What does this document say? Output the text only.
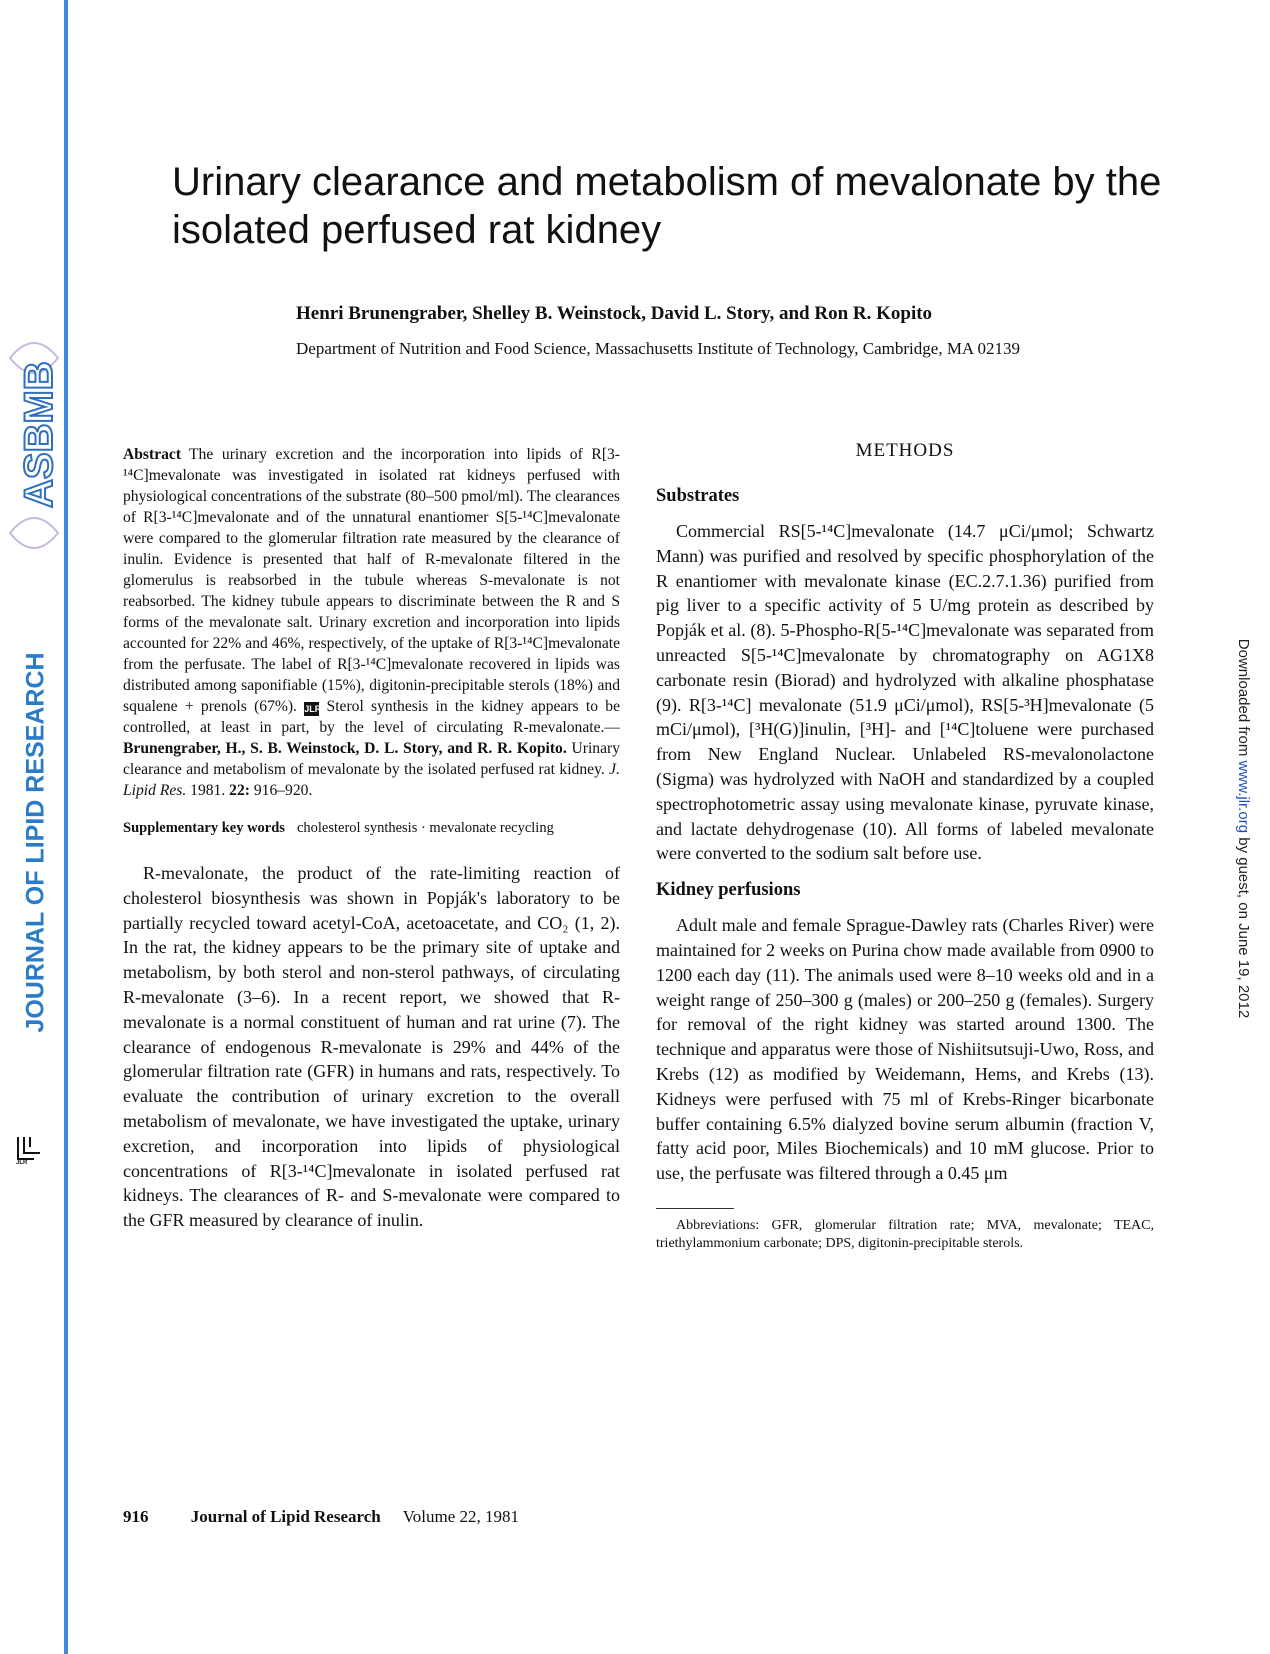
ASBMB
JOURNAL OF LIPID RESEARCH
JLR
Downloaded from www.jlr.org by guest, on June 19, 2012
Urinary clearance and metabolism of mevalonate by the isolated perfused rat kidney
Henri Brunengraber, Shelley B. Weinstock, David L. Story, and Ron R. Kopito
Department of Nutrition and Food Science, Massachusetts Institute of Technology, Cambridge, MA 02139

Abstract The urinary excretion and the incorporation into lipids of R[3-¹⁴C]mevalonate was investigated in isolated rat kidneys perfused with physiological concentrations of the substrate (80–500 pmol/ml). The clearances of R[3-¹⁴C]mevalonate and of the unnatural enantiomer S[5-¹⁴C]mevalonate were compared to the glomerular filtration rate measured by the clearance of inulin. Evidence is presented that half of R-mevalonate filtered in the glomerulus is reabsorbed in the tubule whereas S-mevalonate is not reabsorbed. The kidney tubule appears to discriminate between the R and S forms of the mevalonate salt. Urinary excretion and incorporation into lipids accounted for 22% and 46%, respectively, of the uptake of R[3-¹⁴C]mevalonate from the perfusate. The label of R[3-¹⁴C]mevalonate recovered in lipids was distributed among saponifiable (15%), digitonin-precipitable sterols (18%) and squalene + prenols (67%). JLR Sterol synthesis in the kidney appears to be controlled, at least in part, by the level of circulating R-mevalonate.— Brunengraber, H., S. B. Weinstock, D. L. Story, and R. R. Kopito. Urinary clearance and metabolism of mevalonate by the isolated perfused rat kidney. J. Lipid Res. 1981. 22: 916–920.

Supplementary key words cholesterol synthesis · mevalonate recycling

R-mevalonate, the product of the rate-limiting reaction of cholesterol biosynthesis was shown in Popják's laboratory to be partially recycled toward acetyl-CoA, acetoacetate, and CO₂ (1, 2). In the rat, the kidney appears to be the primary site of uptake and metabolism, by both sterol and non-sterol pathways, of circulating R-mevalonate (3–6). In a recent report, we showed that R-mevalonate is a normal constituent of human and rat urine (7). The clearance of endogenous R-mevalonate is 29% and 44% of the glomerular filtration rate (GFR) in humans and rats, respectively. To evaluate the contribution of urinary excretion to the overall metabolism of mevalonate, we have investigated the uptake, urinary excretion, and incorporation into lipids of physiological concentrations of R[3-¹⁴C]mevalonate in isolated perfused rat kidneys. The clearances of R- and S-mevalonate were compared to the GFR measured by clearance of inulin.

METHODS

Substrates

Commercial RS[5-¹⁴C]mevalonate (14.7 μCi/μmol; Schwartz Mann) was purified and resolved by specific phosphorylation of the R enantiomer with mevalonate kinase (EC.2.7.1.36) purified from pig liver to a specific activity of 5 U/mg protein as described by Popják et al. (8). 5-Phospho-R[5-¹⁴C]mevalonate was separated from unreacted S[5-¹⁴C]mevalonate by chromatography on AG1X8 carbonate resin (Biorad) and hydrolyzed with alkaline phosphatase (9). R[3-¹⁴C] mevalonate (51.9 μCi/μmol), RS[5-³H]mevalonate (5 mCi/μmol), [³H(G)]inulin, [³H]- and [¹⁴C]toluene were purchased from New England Nuclear. Unlabeled RS-mevalonolactone (Sigma) was hydrolyzed with NaOH and standardized by a coupled spectrophotometric assay using mevalonate kinase, pyruvate kinase, and lactate dehydrogenase (10). All forms of labeled mevalonate were converted to the sodium salt before use.

Kidney perfusions

Adult male and female Sprague-Dawley rats (Charles River) were maintained for 2 weeks on Purina chow made available from 0900 to 1200 each day (11). The animals used were 8–10 weeks old and in a weight range of 250–300 g (males) or 200–250 g (females). Surgery for removal of the right kidney was started around 1300. The technique and apparatus were those of Nishiitsutsuji-Uwo, Ross, and Krebs (12) as modified by Weidemann, Hems, and Krebs (13). Kidneys were perfused with 75 ml of Krebs-Ringer bicarbonate buffer containing 6.5% dialyzed bovine serum albumin (fraction V, fatty acid poor, Miles Biochemicals) and 10 mM glucose. Prior to use, the perfusate was filtered through a 0.45 μm

Abbreviations: GFR, glomerular filtration rate; MVA, mevalonate; TEAC, triethylammonium carbonate; DPS, digitonin-precipitable sterols.

916 Journal of Lipid Research Volume 22, 1981
